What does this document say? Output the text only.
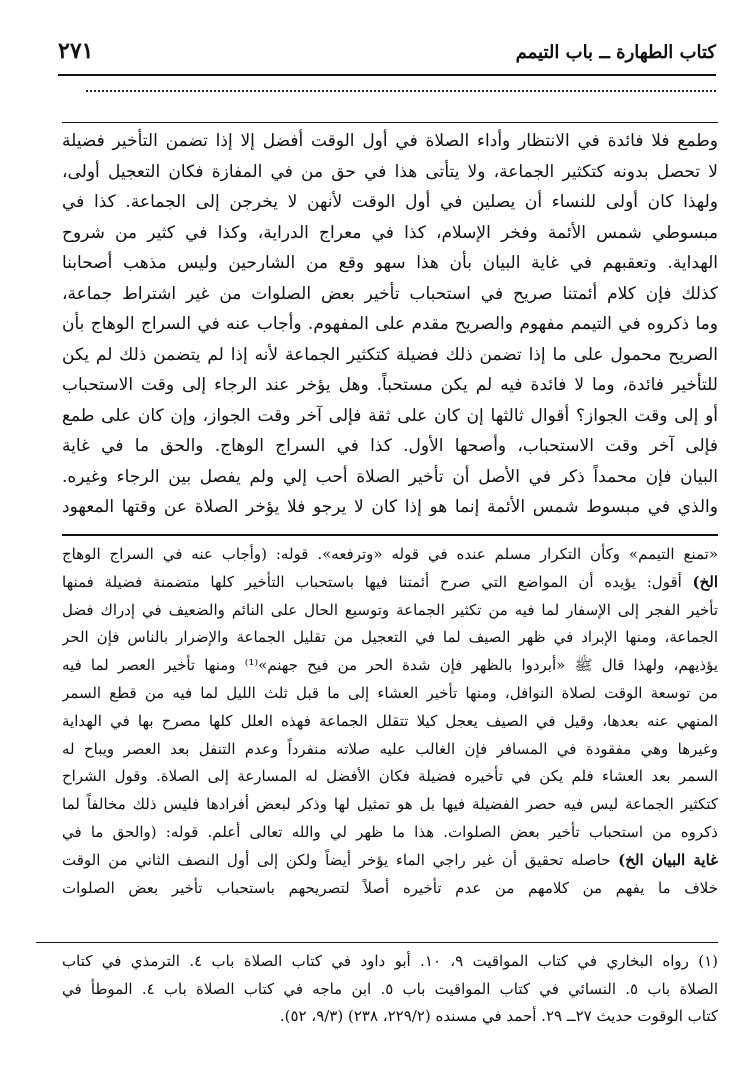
٢٧١	كتاب الطهارة ــ باب التيمم

وطمع فلا فائدة في الانتظار وأداء الصلاة في أول الوقت أفضل إلا إذا تضمن التأخير فضيلة

لا تحصل بدونه كتكثير الجماعة، ولا يتأتى هذا في حق من في المفازة فكان التعجيل أولى،

ولهذا كان أولى للنساء أن يصلين في أول الوقت لأنهن لا يخرجن إلى الجماعة. كذا في

مبسوطي شمس الأئمة وفخر الإسلام، كذا في معراج الدراية، وكذا في كثير من شروح

الهداية. وتعقبهم في غاية البيان بأن هذا سهو وقع من الشارحين وليس مذهب أصحابنا

كذلك فإن كلام أئمتنا صريح في استحباب تأخير بعض الصلوات من غير اشتراط جماعة،

وما ذكروه في التيمم مفهوم والصريح مقدم على المفهوم. وأجاب عنه في السراج الوهاج بأن

الصريح محمول على ما إذا تضمن ذلك فضيلة كتكثير الجماعة لأنه إذا لم يتضمن ذلك لم يكن

للتأخير فائدة، وما لا فائدة فيه لم يكن مستحباً. وهل يؤخر عند الرجاء إلى وقت الاستحباب

أو إلى وقت الجواز؟ أقوال ثالثها إن كان على ثقة فإلى آخر وقت الجواز، وإن كان على طمع

فإلى آخر وقت الاستحباب، وأصحها الأول. كذا في السراج الوهاج. والحق ما في غاية

البيان فإن محمداً ذكر في الأصل أن تأخير الصلاة أحب إلي ولم يفصل بين الرجاء وغيره.

والذي في مبسوط شمس الأئمة إنما هو إذا كان لا يرجو فلا يؤخر الصلاة عن وقتها المعهود

«تمنع التيمم» وكأن التكرار مسلم عنده في قوله «وترفعه». قوله: (وأجاب عنه في السراج الوهاج

الخ) أقول: يؤيده أن المواضع التي صرح أئمتنا فيها باستحباب التأخير كلها متضمنة فضيلة فمنها

تأخير الفجر إلى الإسفار لما فيه من تكثير الجماعة وتوسيع الحال على النائم والضعيف في إدراك فضل

الجماعة، ومنها الإبراد في ظهر الصيف لما في التعجيل من تقليل الجماعة والإضرار بالناس فإن الحر

يؤذيهم، ولهذا قال ﷺ «أبردوا بالظهر فإن شدة الحر من فيح جهنم»⁽¹⁾ ومنها تأخير العصر لما فيه

من توسعة الوقت لصلاة النوافل، ومنها تأخير العشاء إلى ما قبل ثلث الليل لما فيه من قطع السمر

المنهي عنه بعدها، وقيل في الصيف يعجل كيلا تتقلل الجماعة فهذه العلل كلها مصرح بها في الهداية

وغيرها وهي مفقودة في المسافر فإن الغالب عليه صلاته منفرداً وعدم التنفل بعد العصر ويباح له

السمر بعد العشاء فلم يكن في تأخيره فضيلة فكان الأفضل له المسارعة إلى الصلاة. وقول الشراح

كتكثير الجماعة ليس فيه حصر الفضيلة فيها بل هو تمثيل لها وذكر لبعض أفرادها فليس ذلك مخالفاً لما

ذكروه من استحباب تأخير بعض الصلوات. هذا ما ظهر لي والله تعالى أعلم. قوله: (والحق ما في

غاية البيان الخ) حاصله تحقيق أن غير راجي الماء يؤخر أيضاً ولكن إلى أول النصف الثاني من الوقت

خلاف ما يفهم من كلامهم من عدم تأخيره أصلاً لتصريحهم باستحباب تأخير بعض الصلوات

(١) رواه البخاري في كتاب المواقيت ٩، ١٠. أبو داود في كتاب الصلاة باب ٤. الترمذي في كتاب

الصلاة باب ٥. النسائي في كتاب المواقيت باب ٥. ابن ماجه في كتاب الصلاة باب ٤. الموطأ في

كتاب الوقوت حديث ٢٧ــ ٢٩. أحمد في مسنده (٢٢٩/٢، ٢٣٨) (٩/٣، ٥٢).
